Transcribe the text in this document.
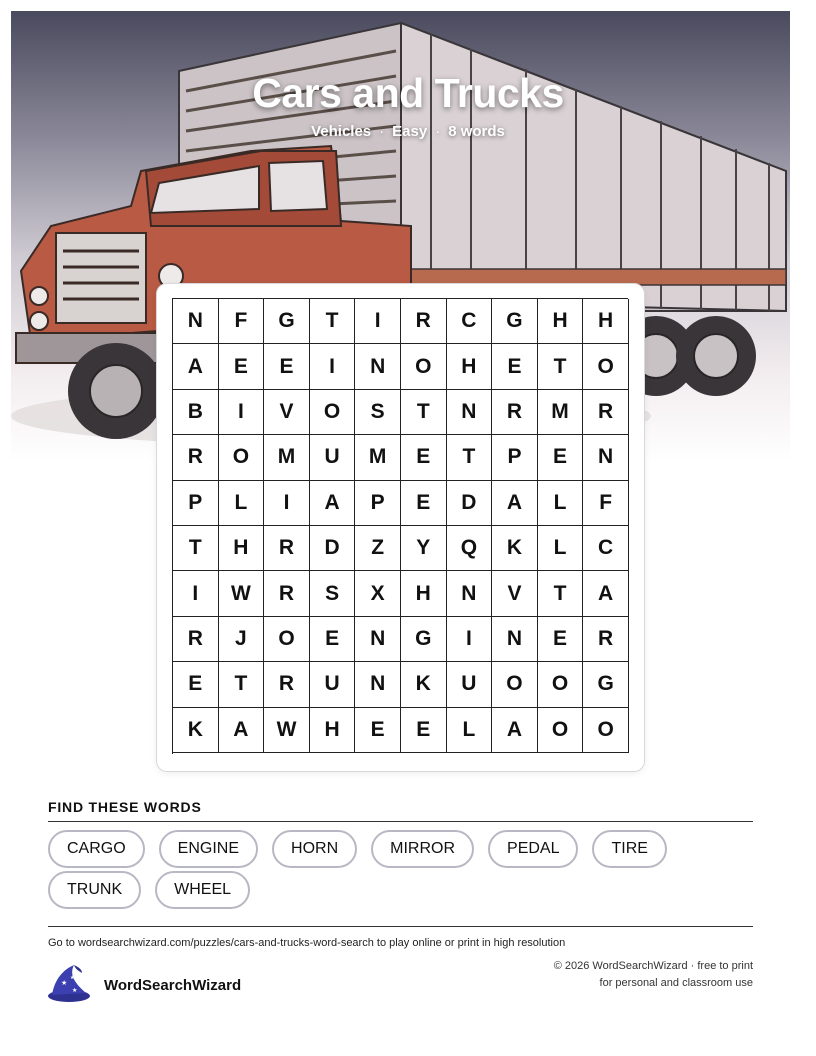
Cars and Trucks
Vehicles · Easy · 8 words
N	F	G	T	I	R	C	G	H	H
A	E	E	I	N	O	H	E	T	O
B	I	V	O	S	T	N	R	M	R
R	O	M	U	M	E	T	P	E	N
P	L	I	A	P	E	D	A	L	F
T	H	R	D	Z	Y	Q	K	L	C
I	W	R	S	X	H	N	V	T	A
R	J	O	E	N	G	I	N	E	R
E	T	R	U	N	K	U	O	O	G
K	A	W	H	E	E	L	A	O	O
FIND THESE WORDS
CARGO	ENGINE	HORN	MIRROR	PEDAL	TIRE
TRUNK	WHEEL
Go to wordsearchwizard.com/puzzles/cars-and-trucks-word-search to play online or print in high resolution
★
★
★ WordSearchWizard
© 2026 WordSearchWizard · free to print for personal and classroom use
